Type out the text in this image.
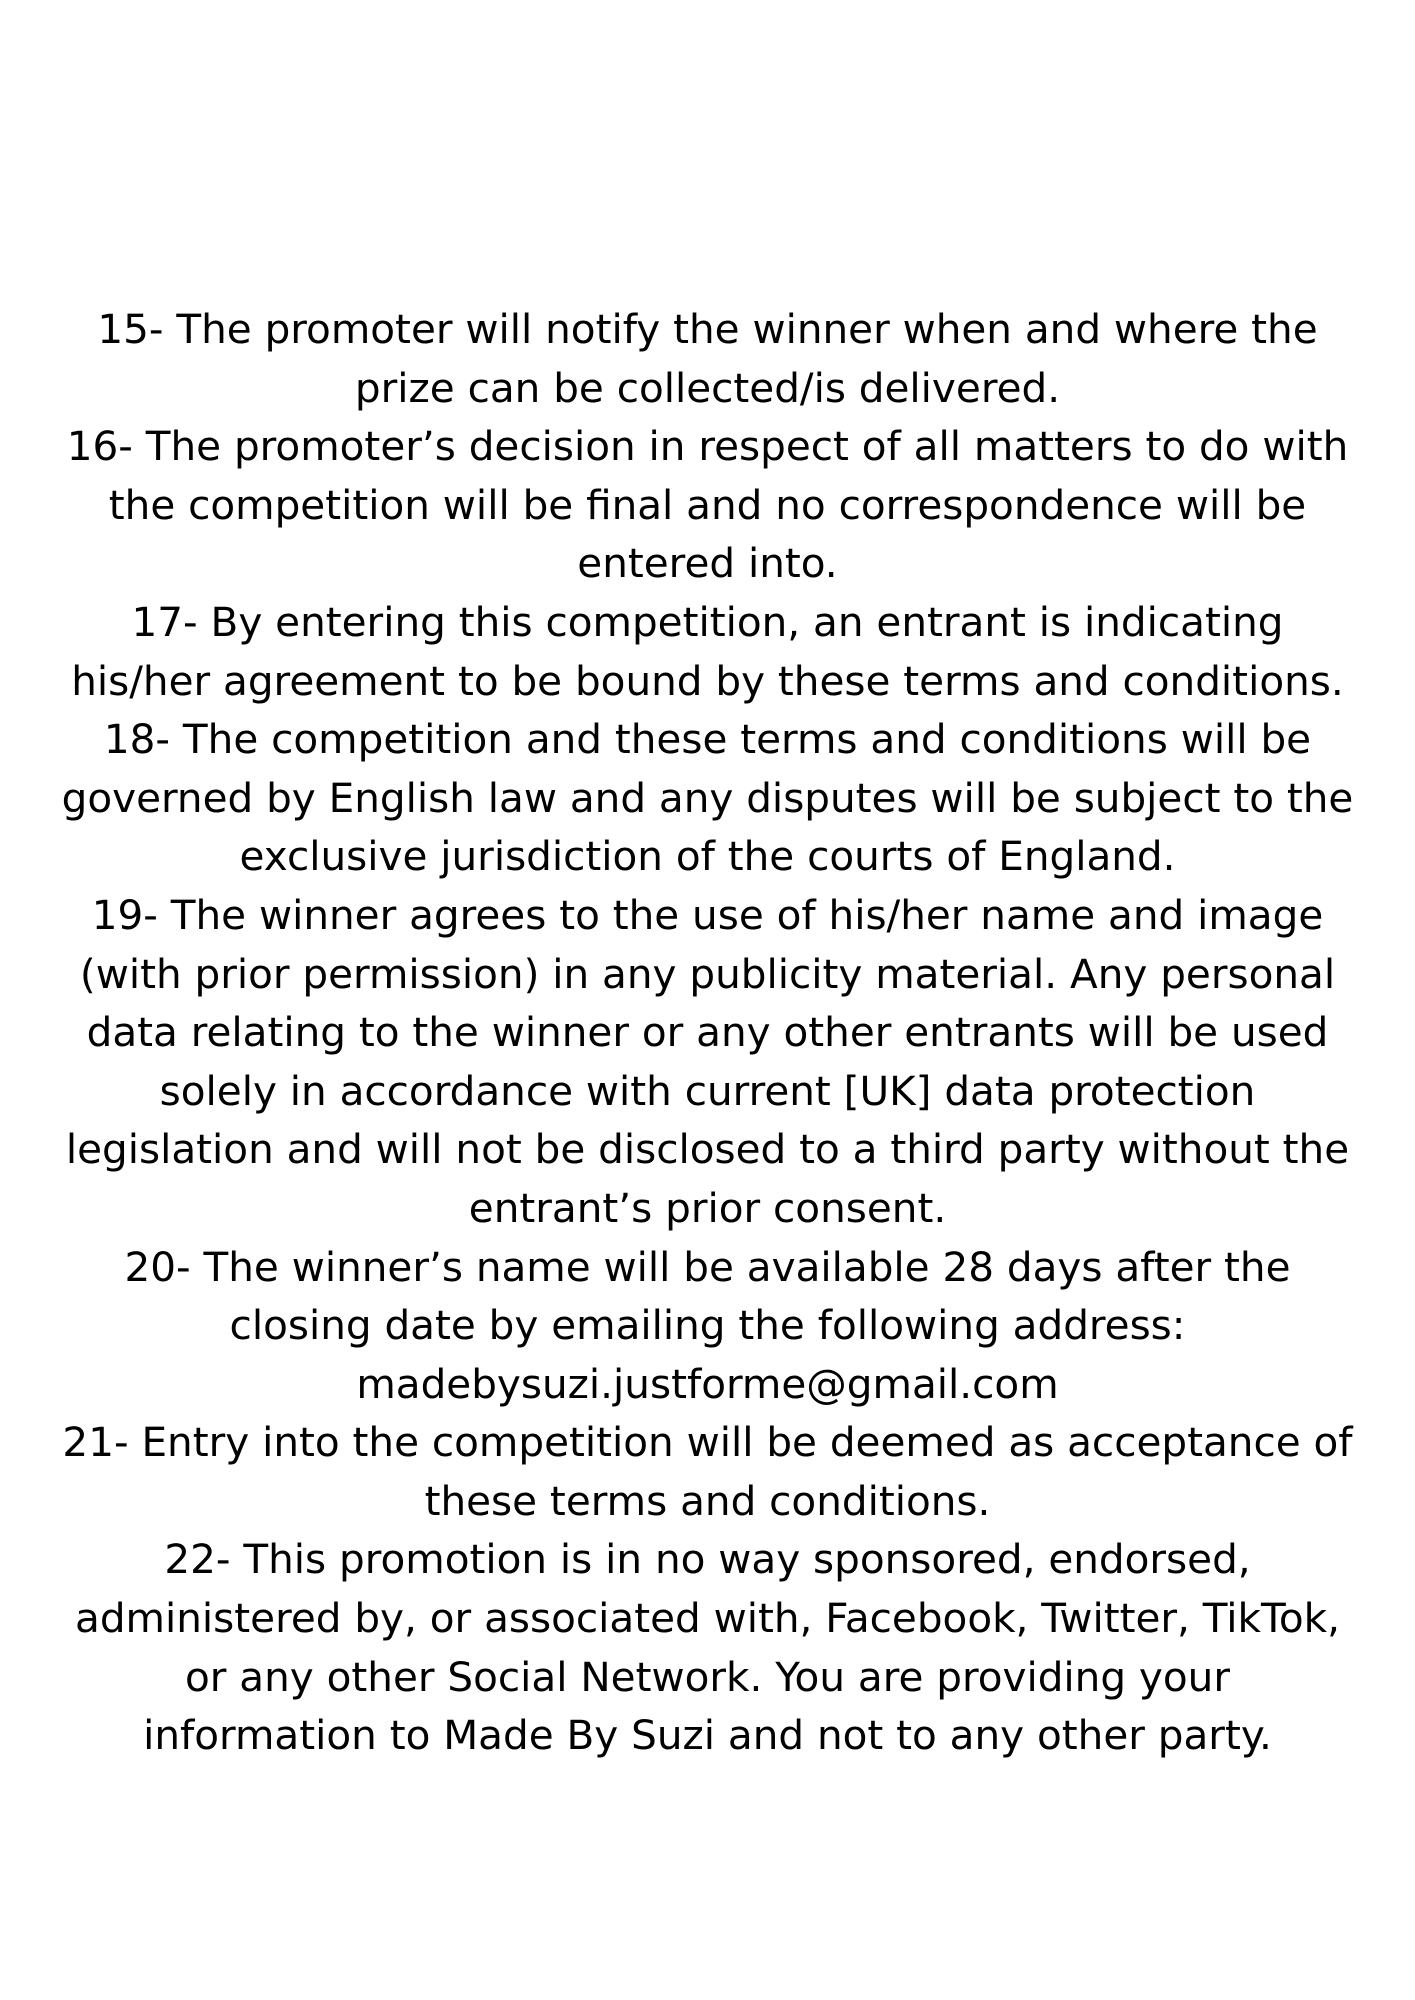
15- The promoter will notify the winner when and where the
prize can be collected/is delivered.
16- The promoter’s decision in respect of all matters to do with
the competition will be final and no correspondence will be
entered into.
17- By entering this competition, an entrant is indicating
his/her agreement to be bound by these terms and conditions.
18- The competition and these terms and conditions will be
governed by English law and any disputes will be subject to the
exclusive jurisdiction of the courts of England.
19- The winner agrees to the use of his/her name and image
(with prior permission) in any publicity material. Any personal
data relating to the winner or any other entrants will be used
solely in accordance with current [UK] data protection
legislation and will not be disclosed to a third party without the
entrant’s prior consent.
20- The winner’s name will be available 28 days after the
closing date by emailing the following address:
madebysuzi.justforme@gmail.com
21- Entry into the competition will be deemed as acceptance of
these terms and conditions.
22- This promotion is in no way sponsored, endorsed,
administered by, or associated with, Facebook, Twitter, TikTok,
or any other Social Network. You are providing your
information to Made By Suzi and not to any other party.
